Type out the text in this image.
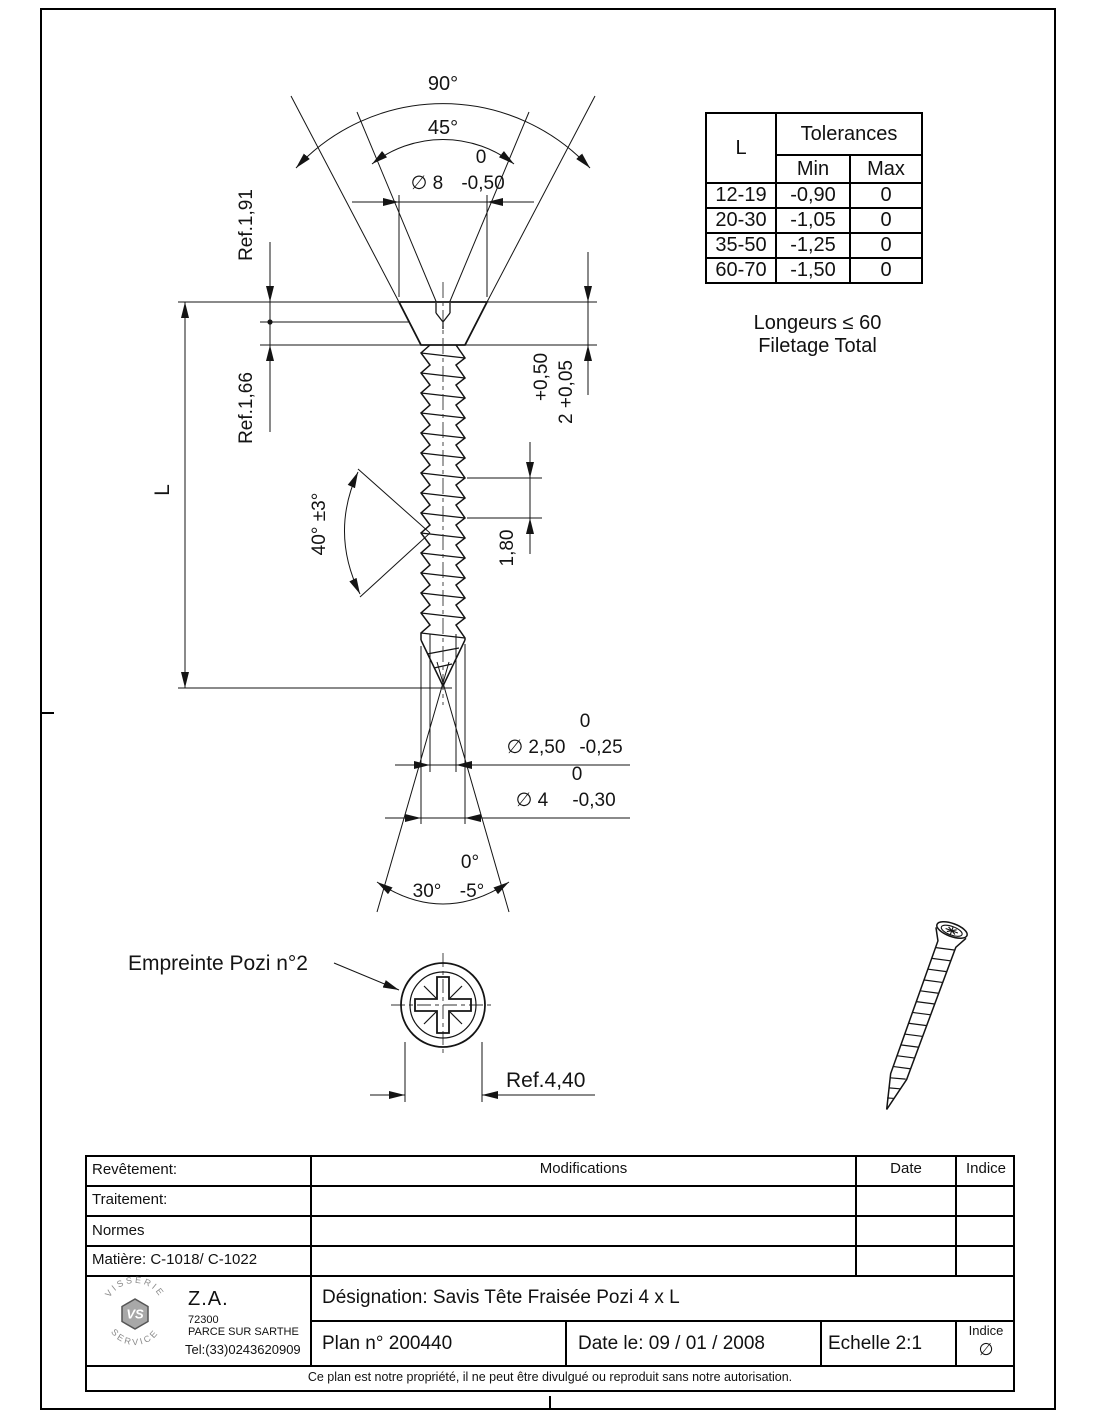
90°
45°
0
∅ 8 -0,50
Ref.1,91
Ref.1,66
L
40° ±3°	1,80
+0,50 2 +0,05
0°
30° -5°
0
∅ 2,50 -0,25
0
∅ 4 -0,30
Empreinte Pozi n°2
Ref.4,40
L	Tolerances	
	Min	Max
12-19	-0,90	0
20-30	-1,05	0
35-50	-1,25	0
60-70	-1,50	0
Longeurs ≤ 60
Filetage Total
Revêtement:	Modifications	Date	Indice
Traitement:
Normes
Matière: C-1018/ C-1022
Z.A.
72300
PARCE SUR SARTHE
Tel:(33)0243620909
Désignation: Savis Tête Fraisée Pozi 4 x L
Plan n° 200440	Date le: 09 / 01 / 2008	Echelle 2:1
Indice
∅
Ce plan est notre propriété, il ne peut être divulgué ou reproduit sans notre autorisation.
VISSERIE
SERVICE
VS
